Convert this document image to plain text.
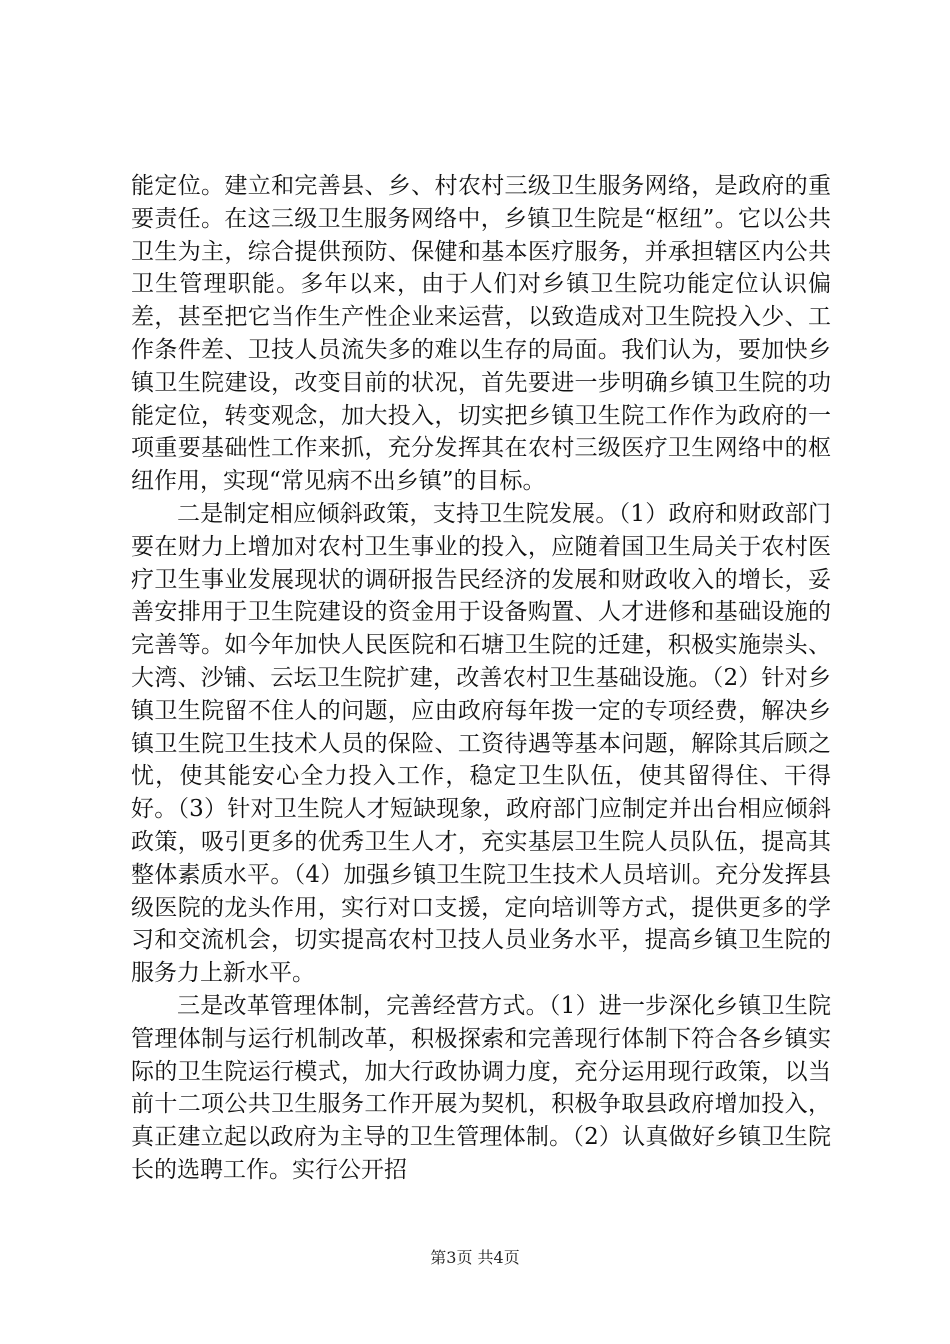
能定位。建立和完善县、乡、村农村三级卫生服务网络，是政府的重要责任。在这三级卫生服务网络中，乡镇卫生院是“枢纽”。它以公共卫生为主，综合提供预防、保健和基本医疗服务，并承担辖区内公共卫生管理职能。多年以来，由于人们对乡镇卫生院功能定位认识偏差，甚至把它当作生产性企业来运营，以致造成对卫生院投入少、工作条件差、卫技人员流失多的难以生存的局面。我们认为，要加快乡镇卫生院建设，改变目前的状况，首先要进一步明确乡镇卫生院的功能定位，转变观念，加大投入，切实把乡镇卫生院工作作为政府的一项重要基础性工作来抓，充分发挥其在农村三级医疗卫生网络中的枢纽作用，实现“常见病不出乡镇”的目标。

二是制定相应倾斜政策，支持卫生院发展。（1）政府和财政部门要在财力上增加对农村卫生事业的投入，应随着国卫生局关于农村医疗卫生事业发展现状的调研报告民经济的发展和财政收入的增长，妥善安排用于卫生院建设的资金用于设备购置、人才进修和基础设施的完善等。如今年加快人民医院和石塘卫生院的迁建，积极实施崇头、大湾、沙铺、云坛卫生院扩建，改善农村卫生基础设施。（2）针对乡镇卫生院留不住人的问题，应由政府每年拨一定的专项经费，解决乡镇卫生院卫生技术人员的保险、工资待遇等基本问题，解除其后顾之忧，使其能安心全力投入工作，稳定卫生队伍，使其留得住、干得好。（3）针对卫生院人才短缺现象，政府部门应制定并出台相应倾斜政策，吸引更多的优秀卫生人才，充实基层卫生院人员队伍，提高其整体素质水平。（4）加强乡镇卫生院卫生技术人员培训。充分发挥县级医院的龙头作用，实行对口支援，定向培训等方式，提供更多的学习和交流机会，切实提高农村卫技人员业务水平，提高乡镇卫生院的服务力上新水平。

三是改革管理体制，完善经营方式。（1）进一步深化乡镇卫生院管理体制与运行机制改革，积极探索和完善现行体制下符合各乡镇实际的卫生院运行模式，加大行政协调力度，充分运用现行政策，以当前十二项公共卫生服务工作开展为契机，积极争取县政府增加投入，真正建立起以政府为主导的卫生管理体制。（2）认真做好乡镇卫生院长的选聘工作。实行公开招

第3页 共4页
